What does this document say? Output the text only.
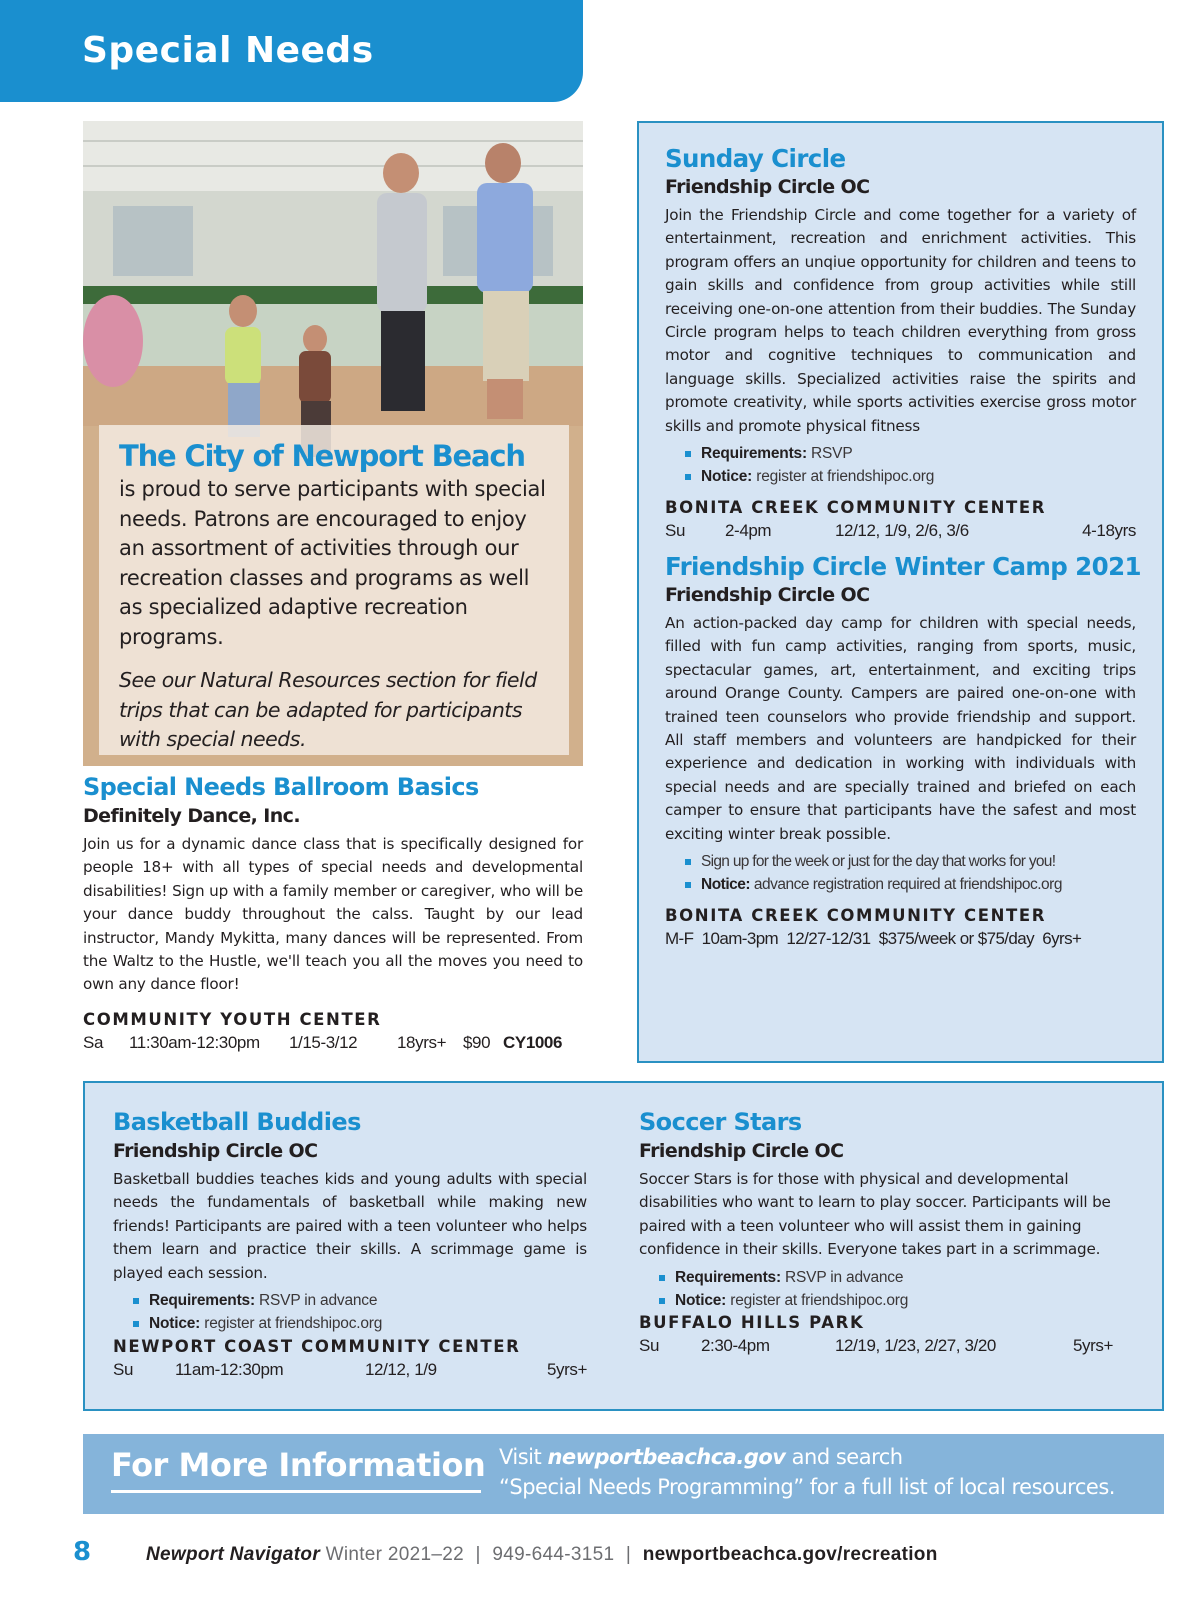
Special Needs
The City of Newport Beach
is proud to serve participants with special needs. Patrons are encouraged to enjoy an assortment of activities through our recreation classes and programs as well as specialized adaptive recreation programs.
See our Natural Resources section for field trips that can be adapted for participants with special needs.
Special Needs Ballroom Basics
Definitely Dance, Inc.
Join us for a dynamic dance class that is specifically designed for people 18+ with all types of special needs and developmental disabilities! Sign up with a family member or caregiver, who will be your dance buddy throughout the calss. Taught by our lead instructor, Mandy Mykitta, many dances will be represented. From the Waltz to the Hustle, we'll teach you all the moves you need to own any dance floor!
COMMUNITY YOUTH CENTER
Sa 11:30am-12:30pm 1/15-3/12 18yrs+ $90 CY1006
Sunday Circle
Friendship Circle OC
Join the Friendship Circle and come together for a variety of entertainment, recreation and enrichment activities. This program offers an unqiue opportunity for children and teens to gain skills and confidence from group activities while still receiving one-on-one attention from their buddies. The Sunday Circle program helps to teach children everything from gross motor and cognitive techniques to communication and language skills. Specialized activities raise the spirits and promote creativity, while sports activities exercise gross motor skills and promote physical fitness
Requirements: RSVP
Notice: register at friendshipoc.org
BONITA CREEK COMMUNITY CENTER
Su 2-4pm	12/12, 1/9, 2/6, 3/6	4-18yrs
Friendship Circle Winter Camp 2021
Friendship Circle OC
An action-packed day camp for children with special needs, filled with fun camp activities, ranging from sports, music, spectacular games, art, entertainment, and exciting trips around Orange County. Campers are paired one-on-one with trained teen counselors who provide friendship and support. All staff members and volunteers are handpicked for their experience and dedication in working with individuals with special needs and are specially trained and briefed on each camper to ensure that participants have the safest and most exciting winter break possible.
Sign up for the week or just for the day that works for you!
Notice: advance registration required at friendshipoc.org
BONITA CREEK COMMUNITY CENTER
M-F  10am-3pm  12/27-12/31  $375/week or $75/day  6yrs+
Basketball Buddies
Friendship Circle OC
Basketball buddies teaches kids and young adults with special needs the fundamentals of basketball while making new friends! Participants are paired with a teen volunteer who helps them learn and practice their skills. A scrimmage game is played each session.
Requirements: RSVP in advance
Notice: register at friendshipoc.org
NEWPORT COAST COMMUNITY CENTER
Su 11am-12:30pm	12/12, 1/9	5yrs+
Soccer Stars
Friendship Circle OC
Soccer Stars is for those with physical and developmental disabilities who want to learn to play soccer. Participants will be paired with a teen volunteer who will assist them in gaining confidence in their skills. Everyone takes part in a scrimmage.
Requirements: RSVP in advance
Notice: register at friendshipoc.org
BUFFALO HILLS PARK
Su 2:30-4pm	12/19, 1/23, 2/27, 3/20	5yrs+
For More Information Visit newportbeachca.gov and search
“Special Needs Programming” for a full list of local resources.
8	Newport Navigator Winter 2021–22 | 949-644-3151 | newportbeachca.gov/recreation
